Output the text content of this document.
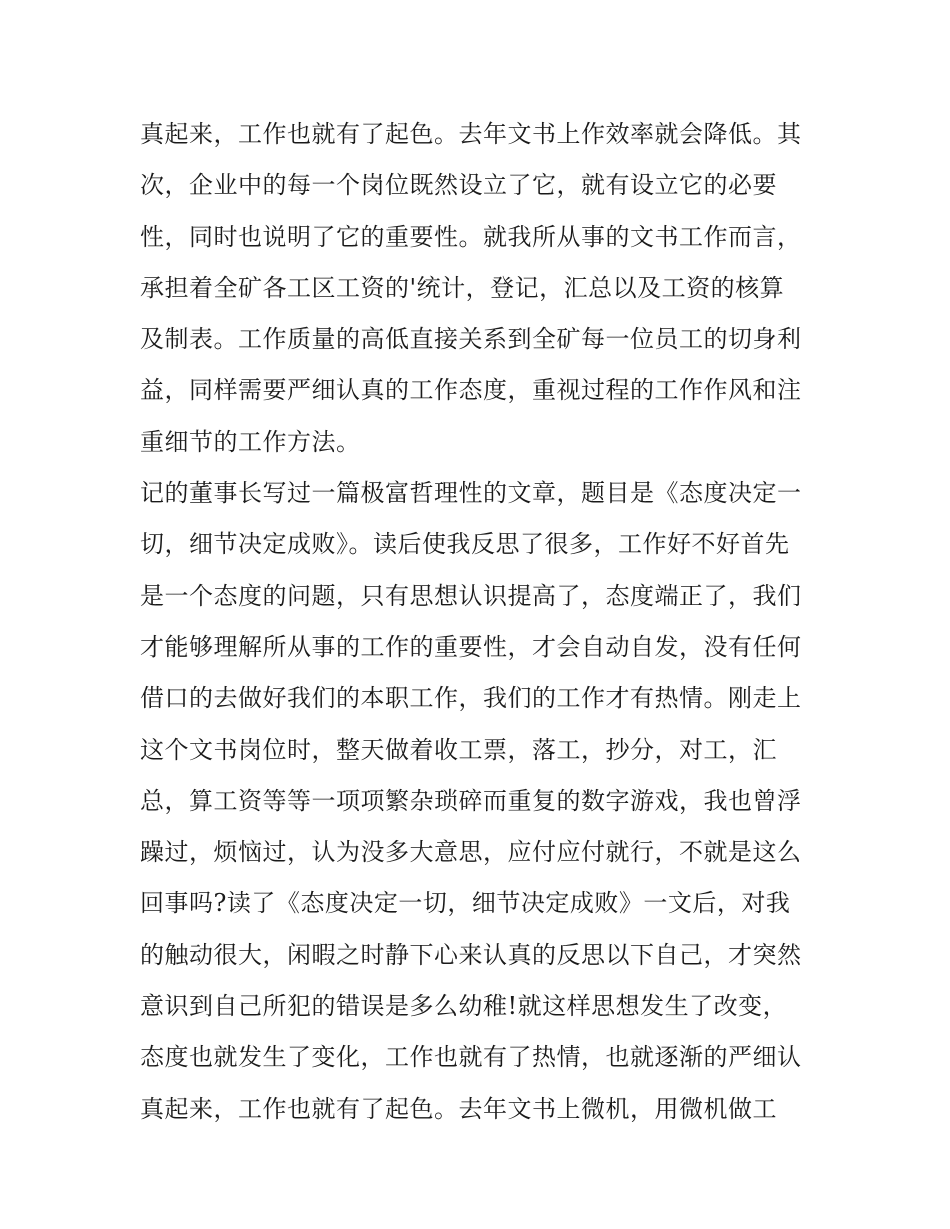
真起来，工作也就有了起色。去年文书上作效率就会降低。其
次，企业中的每一个岗位既然设立了它，就有设立它的必要
性，同时也说明了它的重要性。就我所从事的文书工作而言，
承担着全矿各工区工资的'统计，登记，汇总以及工资的核算
及制表。工作质量的高低直接关系到全矿每一位员工的切身利
益，同样需要严细认真的工作态度，重视过程的工作作风和注
重细节的工作方法。
记的董事长写过一篇极富哲理性的文章，题目是《态度决定一
切，细节决定成败》。读后使我反思了很多，工作好不好首先
是一个态度的问题，只有思想认识提高了，态度端正了，我们
才能够理解所从事的工作的重要性，才会自动自发，没有任何
借口的去做好我们的本职工作，我们的工作才有热情。刚走上
这个文书岗位时，整天做着收工票，落工，抄分，对工，汇
总，算工资等等一项项繁杂琐碎而重复的数字游戏，我也曾浮
躁过，烦恼过，认为没多大意思，应付应付就行，不就是这么
回事吗?读了《态度决定一切，细节决定成败》一文后，对我
的触动很大，闲暇之时静下心来认真的反思以下自己，才突然
意识到自己所犯的错误是多么幼稚!就这样思想发生了改变，
态度也就发生了变化，工作也就有了热情，也就逐渐的严细认
真起来，工作也就有了起色。去年文书上微机，用微机做工
